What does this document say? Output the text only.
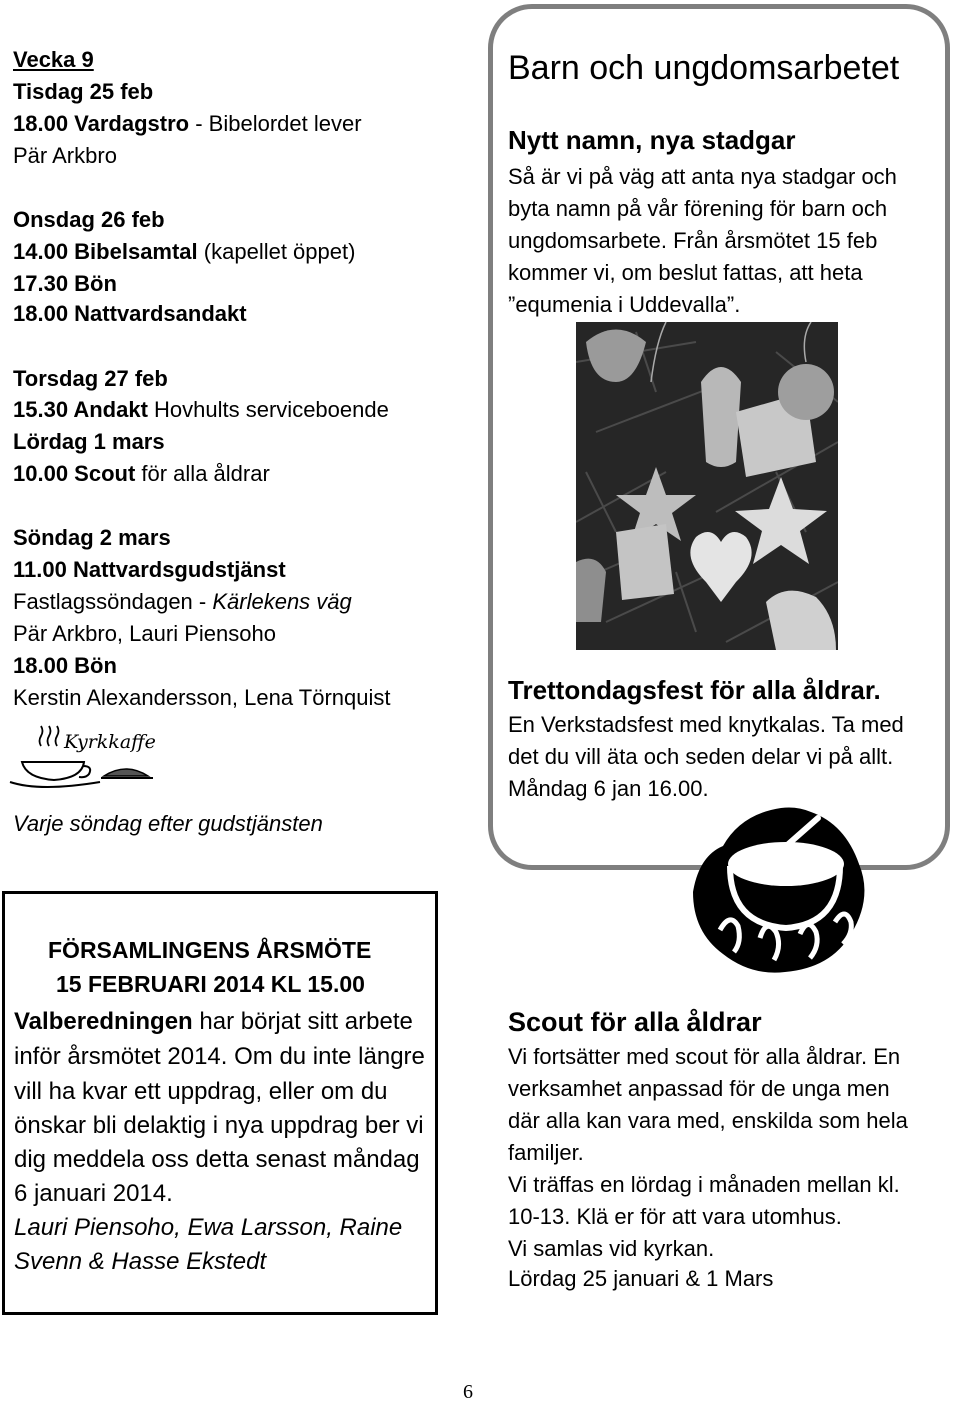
Vecka 9
Tisdag 25 feb
18.00 Vardagstro - Bibelordet lever
Pär Arkbro
Onsdag 26 feb
14.00 Bibelsamtal (kapellet öppet)
17.30 Bön
18.00 Nattvardsandakt
Torsdag 27 feb
15.30 Andakt Hovhults serviceboende
Lördag 1 mars
10.00 Scout för alla åldrar
Söndag 2 mars
11.00 Nattvardsgudstjänst
Fastlagssöndagen - Kärlekens väg
Pär Arkbro, Lauri Piensoho
18.00 Bön
Kerstin Alexandersson, Lena Törnquist
Kyrkkaffe
Varje söndag efter gudstjänsten
Barn och ungdomsarbetet
Nytt namn, nya stadgar
Så är vi på väg att anta nya stadgar och
byta namn på vår förening för barn och
ungdomsarbete. Från årsmötet 15 feb
kommer vi, om beslut fattas, att heta
”equmenia i Uddevalla”.
Trettondagsfest för alla åldrar.
En Verkstadsfest med knytkalas. Ta med
det du vill äta och seden delar vi på allt.
Måndag 6 jan 16.00.
FÖRSAMLINGENS ÅRSMÖTE
15 FEBRUARI 2014 KL 15.00
Valberedningen har börjat sitt arbete
inför årsmötet 2014. Om du inte längre
vill ha kvar ett uppdrag, eller om du
önskar bli delaktig i nya uppdrag ber vi
dig meddela oss detta senast måndag
6 januari 2014.
Lauri Piensoho, Ewa Larsson, Raine
Svenn & Hasse Ekstedt
Scout för alla åldrar
Vi fortsätter med scout för alla åldrar. En
verksamhet anpassad för de unga men
där alla kan vara med, enskilda som hela
familjer.
Vi träffas en lördag i månaden mellan kl.
10-13. Klä er för att vara utomhus.
Vi samlas vid kyrkan.
Lördag 25 januari & 1 Mars
6
